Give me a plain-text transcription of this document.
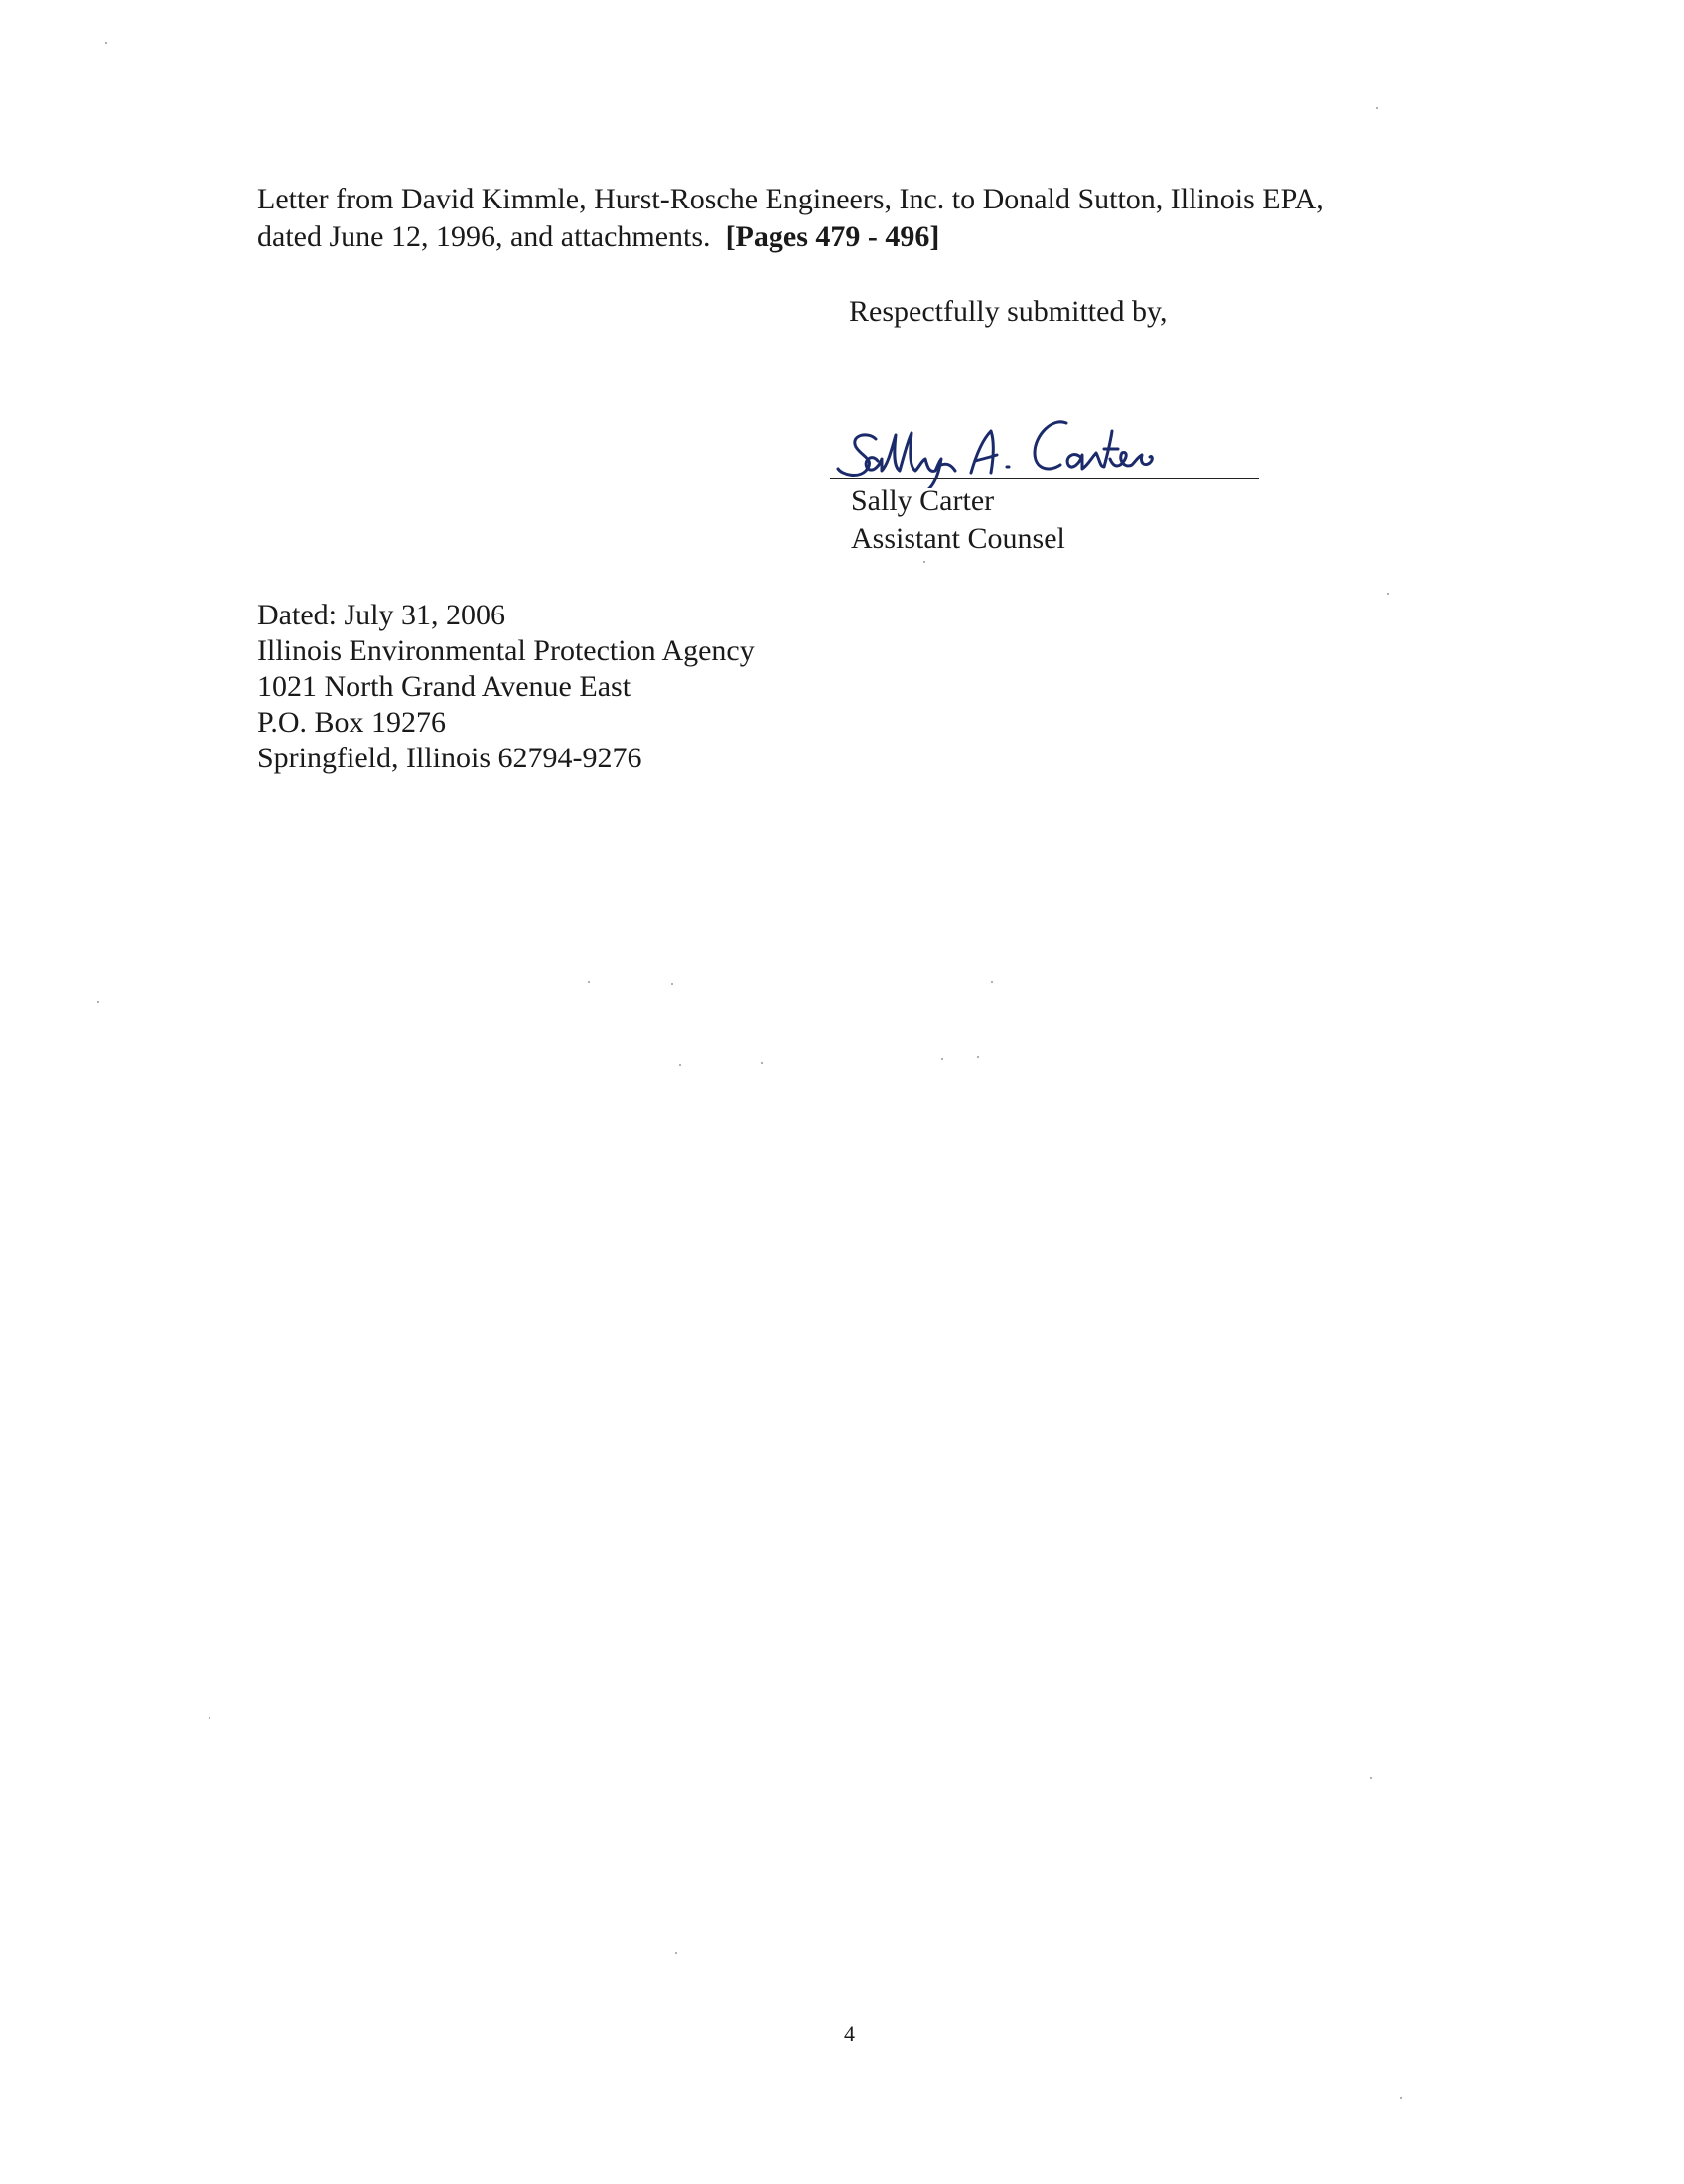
Letter from David Kimmle, Hurst-Rosche Engineers, Inc. to Donald Sutton, Illinois EPA,
dated June 12, 1996, and attachments. [Pages 479 - 496]
Respectfully submitted by,
Sally Carter
Assistant Counsel
Dated: July 31, 2006
Illinois Environmental Protection Agency
1021 North Grand Avenue East
P.O. Box 19276
Springfield, Illinois 62794-9276
4
